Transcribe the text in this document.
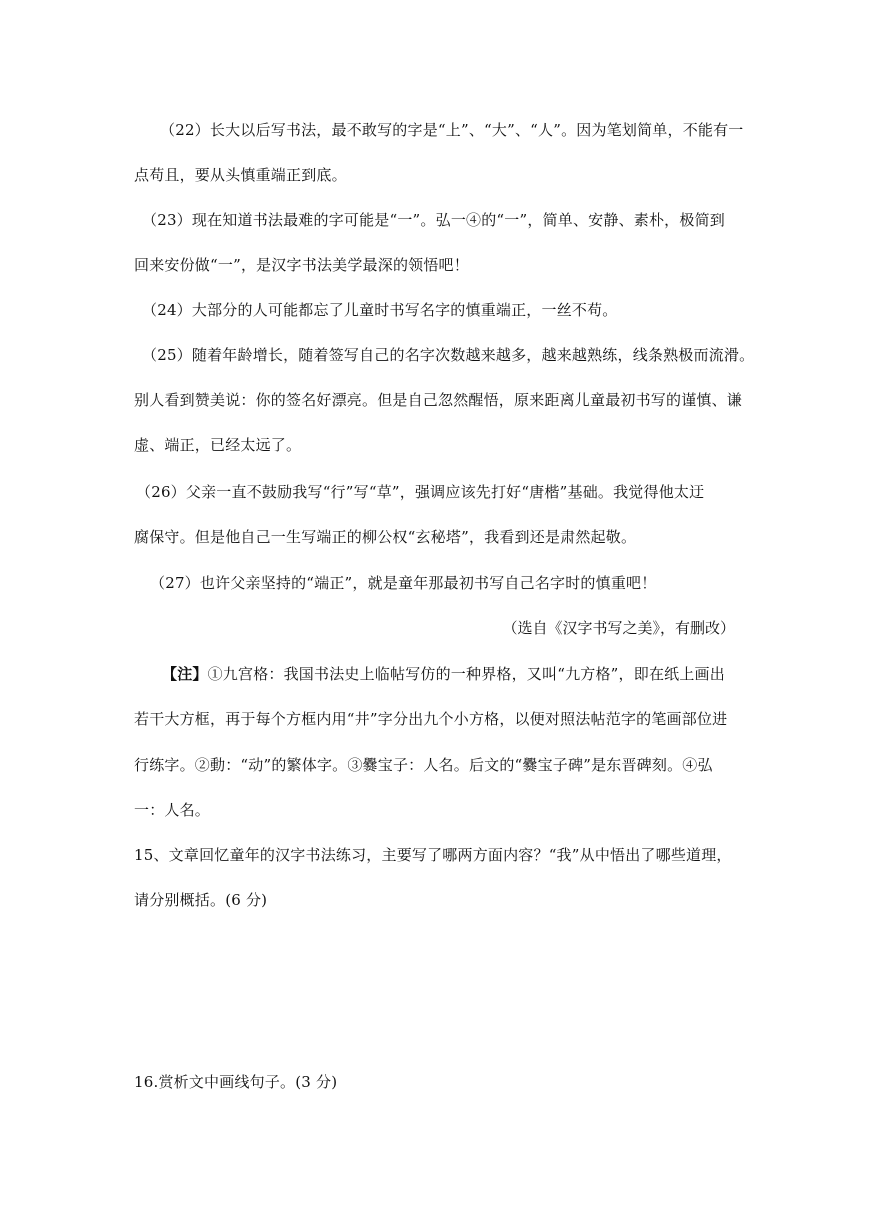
（22）长大以后写书法，最不敢写的字是“上”、“大”、“人”。因为笔划简单，不能有一
点苟且，要从头慎重端正到底。
（23）现在知道书法最难的字可能是“一”。弘一④的“一”，简单、安静、素朴，极简到
回来安份做“一”，是汉字书法美学最深的领悟吧！
（24）大部分的人可能都忘了儿童时书写名字的慎重端正，一丝不苟。
（25）随着年龄增长，随着签写自己的名字次数越来越多，越来越熟练，线条熟极而流滑。
别人看到赞美说：你的签名好漂亮。但是自己忽然醒悟，原来距离儿童最初书写的谨慎、谦
虚、端正，已经太远了。
（26）父亲一直不鼓励我写“行”写“草”，强调应该先打好“唐楷”基础。我觉得他太迂
腐保守。但是他自己一生写端正的柳公权“玄秘塔”，我看到还是肃然起敬。
（27）也许父亲坚持的“端正”，就是童年那最初书写自己名字时的慎重吧！
（选自《汉字书写之美》，有删改）
【注】①九宫格：我国书法史上临帖写仿的一种界格，又叫“九方格”，即在纸上画出
若干大方框，再于每个方框内用“井”字分出九个小方格，以便对照法帖范字的笔画部位进
行练字。②動：“动”的繁体字。③爨宝子：人名。后文的“爨宝子碑”是东晋碑刻。④弘
一：人名。
15、文章回忆童年的汉字书法练习，主要写了哪两方面内容？“我”从中悟出了哪些道理，
请分别概括。(6 分)
16.赏析文中画线句子。(3 分)
